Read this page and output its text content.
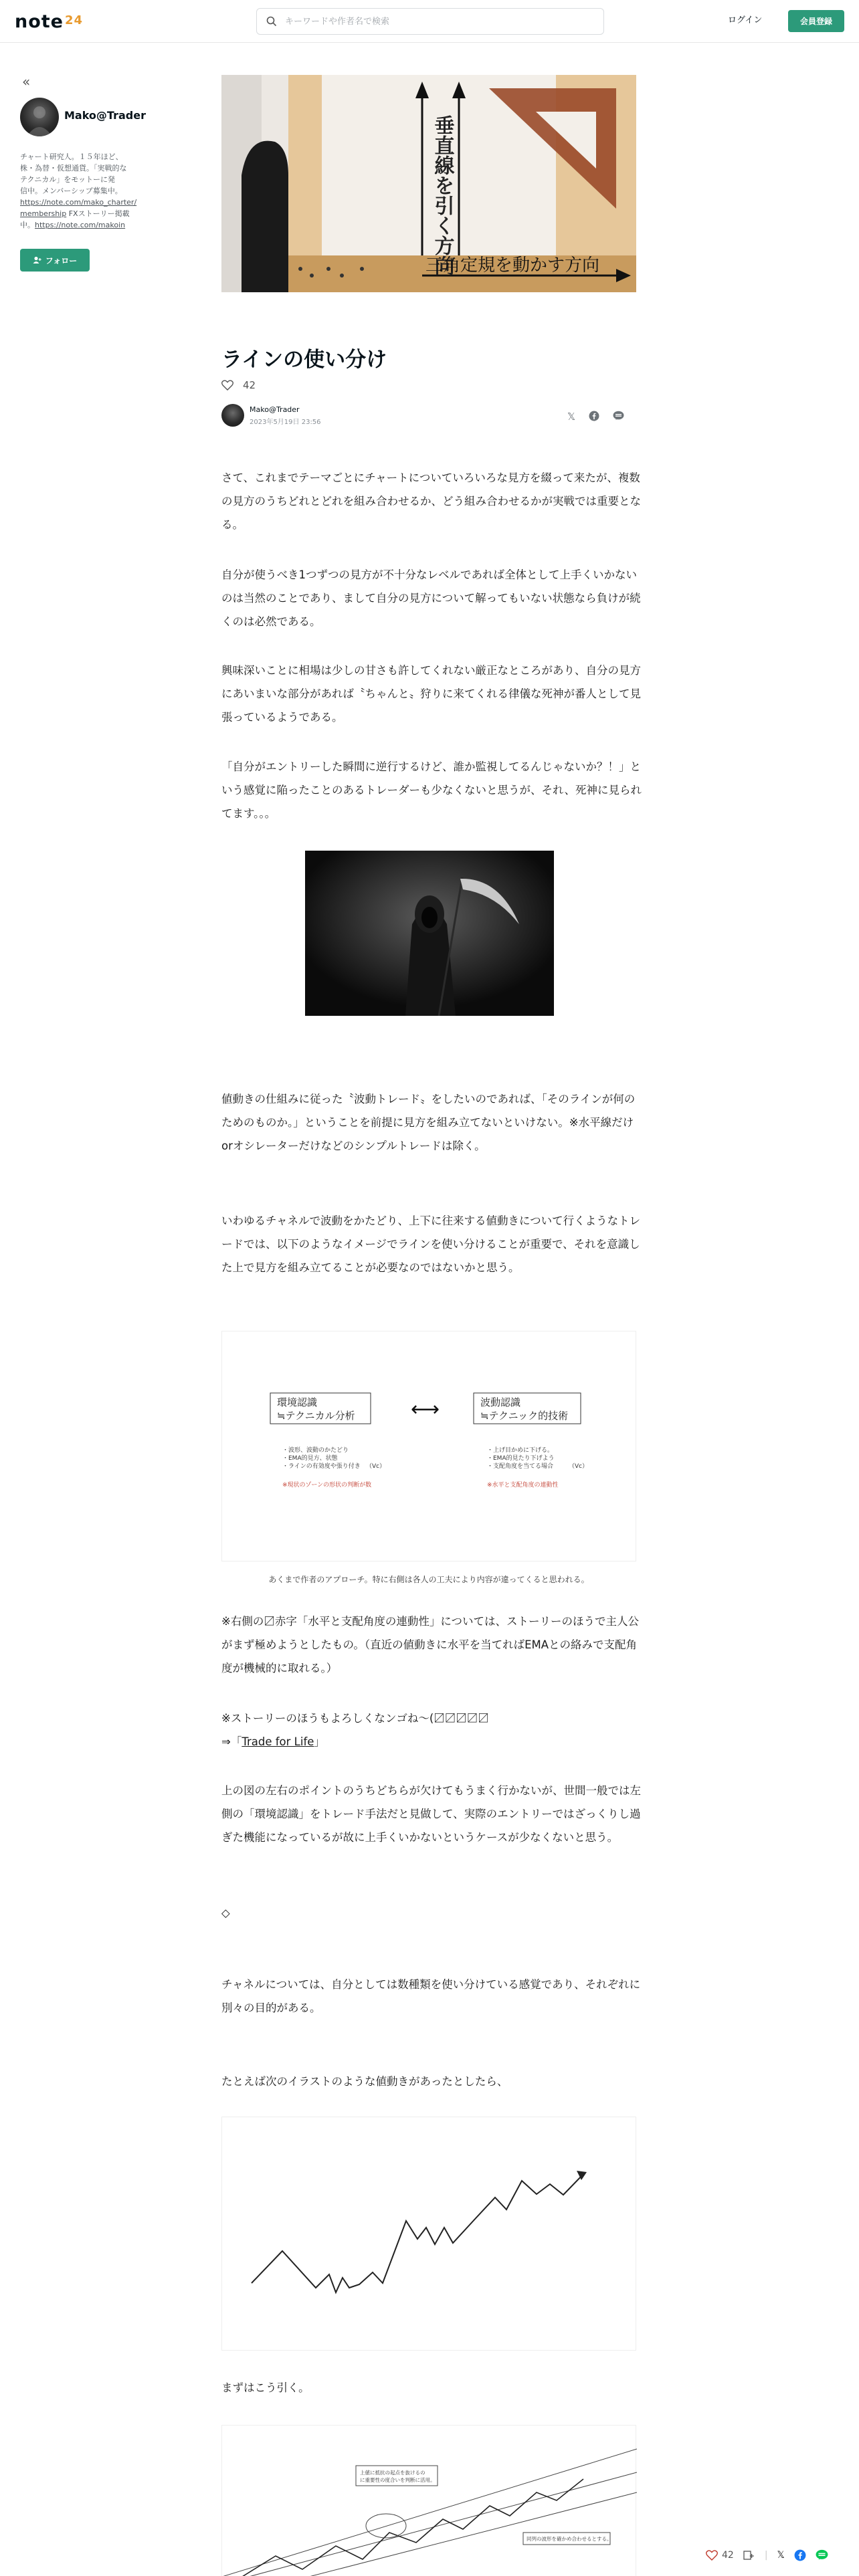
note 24
キーワードや作者名で検索	ログイン	会員登録
«
Mako@Trader
チャート研究人。１５年ほど、
株・為替・仮想通貨。「実戦的な
テクニカル」をモットーに発
信中。メンバーシップ募集中。
https://note.com/mako_charter/
membership FXストーリー掲載
中。https://note.com/makoin
フォロー	垂直線を引く方向
三角定規を動かす方向
ラインの使い分け
42
Mako@Trader
2023年5月19日 23:56	𝕏
さて、これまでテーマごとにチャートについていろいろな見方を綴って来たが、複数の見方のうちどれとどれを組み合わせるか、どう組み合わせるかが実戦では重要となる。
自分が使うべき1つずつの見方が不十分なレベルであれば全体として上手くいかないのは当然のことであり、まして自分の見方について解ってもいない状態なら負けが続くのは必然である。
興味深いことに相場は少しの甘さも許してくれない厳正なところがあり、自分の見方にあいまいな部分があれば〝ちゃんと〟狩りに来てくれる律儀な死神が番人として見張っているようである。
「自分がエントリーした瞬間に逆行するけど、誰か監視してるんじゃないか？！」という感覚に陥ったことのあるトレーダーも少なくないと思うが、それ、死神に見られてます。。。
値動きの仕組みに従った〝波動トレード〟をしたいのであれば、「そのラインが何のためのものか。」ということを前提に見方を組み立てないといけない。※水平線だけorオシレーターだけなどのシンプルトレードは除く。
いわゆるチャネルで波動をかたどり、上下に往来する値動きについて行くようなトレードでは、以下のようなイメージでラインを使い分けることが重要で、それを意識した上で見方を組み立てることが必要なのではないかと思う。
環境認識
≒テクニカル分析
波動認識
≒テクニック的技術
⟷
・波形、波動のかたどり
・EMA的見方、状態
・ラインの有効度や張り付き （Vc）
・上げ目かめに下げる。
・EMA的見たり下げよう
・支配角度を当てる場合	（Vc）
※現状のゾーンの形状の判断が数	※水平と支配角度の連動性
あくまで作者のアプローチ。特に右側は各人の工夫により内容が違ってくると思われる。
※右側の〼赤字「水平と支配角度の連動性」については、ストーリーのほうで主人公がまず極めようとしたもの。（直近の値動きに水平を当てればEMAとの絡みで支配角度が機械的に取れる。）
※ストーリーのほうもよろしくなンゴね〜(〼〼〼〼〼
⇒「Trade for Life」
上の図の左右のポイントのうちどちらが欠けてもうまく行かないが、世間一般では左側の「環境認識」をトレード手法だと見做して、実際のエントリーではざっくりし過ぎた機能になっているが故に上手くいかないというケースが少なくないと思う。
◇
チャネルについては、自分としては数種類を使い分けている感覚であり、それぞれに別々の目的がある。
たとえば次のイラストのような値動きがあったとしたら、
まずはこう引く。
上値に抵抗の起点を抜けるの
に重要性の度合いを判断に活用。
同列の波形を確かめ合わせるとする。
42	| 𝕏
